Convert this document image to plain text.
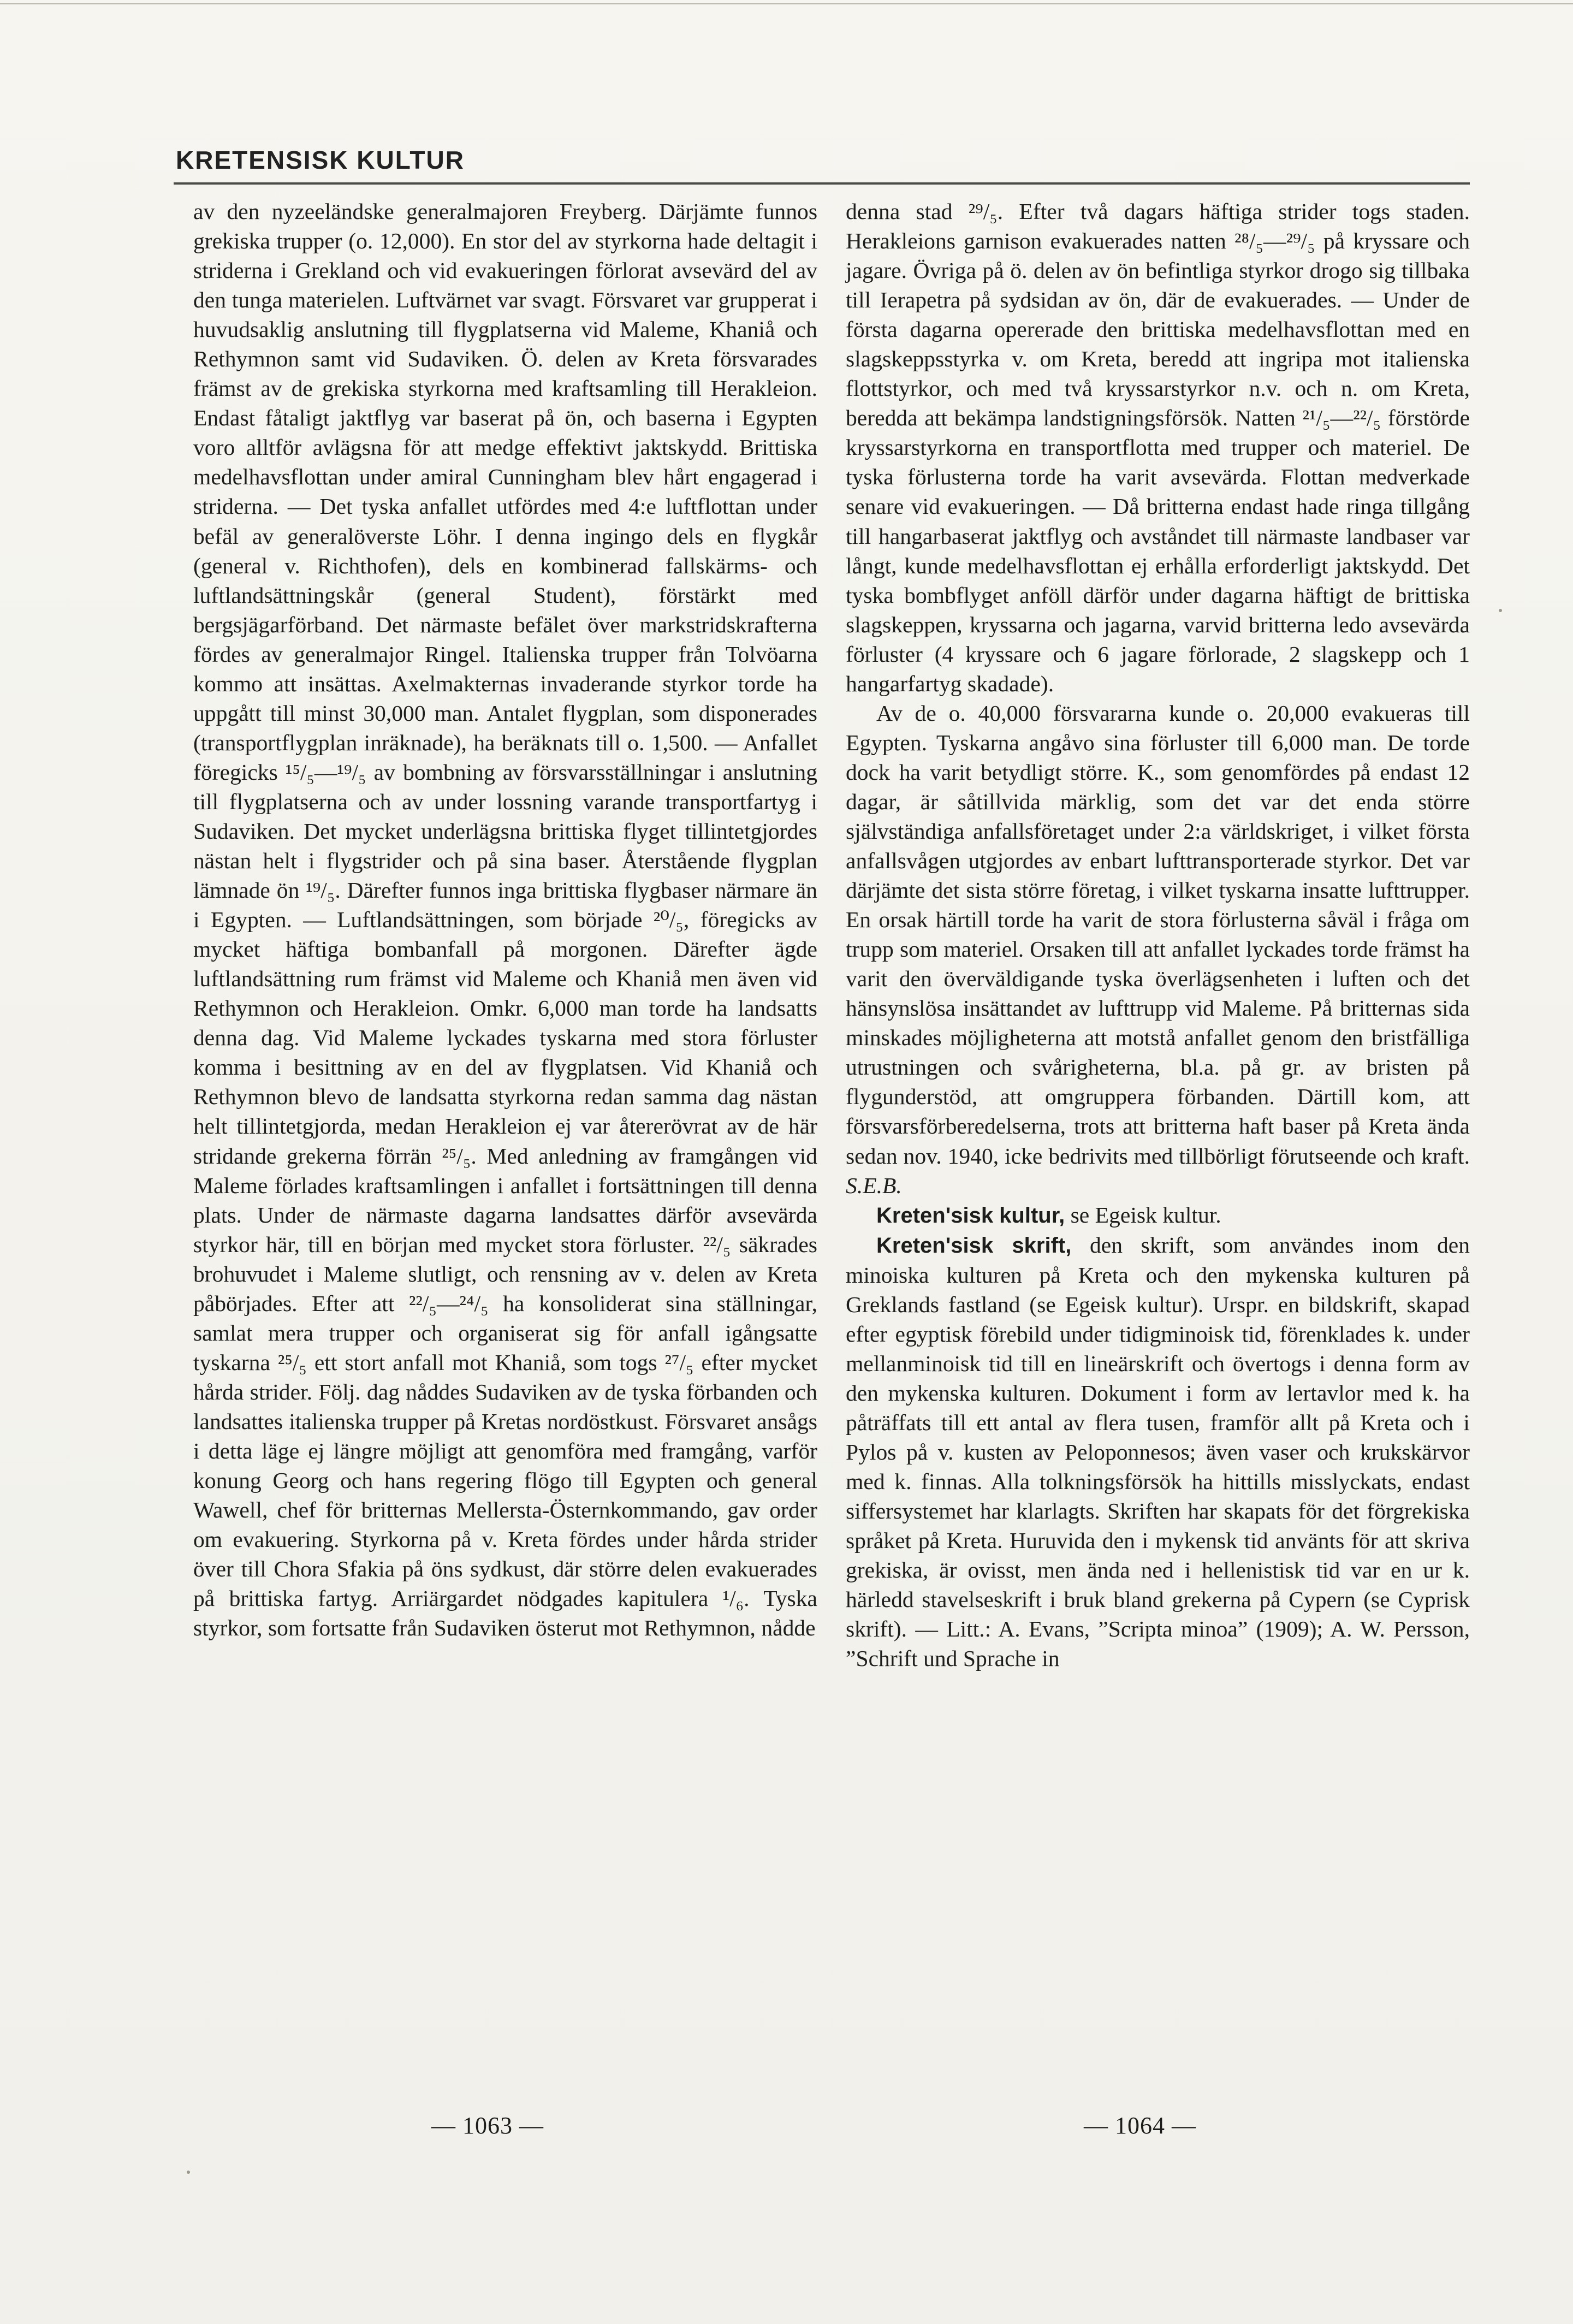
KRETENSISK KULTUR

av den nyzeeländske generalmajoren Freyberg. Därjämte funnos grekiska trupper (o. 12,000). En stor del av styrkorna hade deltagit i striderna i Grekland och vid evakueringen förlorat avsevärd del av den tunga materielen. Luftvärnet var svagt. Försvaret var grupperat i huvudsaklig anslutning till flygplatserna vid Maleme, Khaniå och Rethymnon samt vid Sudaviken. Ö. delen av Kreta försvarades främst av de grekiska styrkorna med kraftsamling till Herakleion. Endast fåtaligt jaktflyg var baserat på ön, och baserna i Egypten voro alltför avlägsna för att medge effektivt jaktskydd. Brittiska medelhavsflottan under amiral Cunningham blev hårt engagerad i striderna. — Det tyska anfallet utfördes med 4:e luftflottan under befäl av generalöverste Löhr. I denna ingingo dels en flygkår (general v. Richthofen), dels en kombinerad fallskärms- och luftlandsättningskår (general Student), förstärkt med bergsjägarförband. Det närmaste befälet över markstridskrafterna fördes av generalmajor Ringel. Italienska trupper från Tolvöarna kommo att insättas. Axelmakternas invaderande styrkor torde ha uppgått till minst 30,000 man. Antalet flygplan, som disponerades (transportflygplan inräknade), ha beräknats till o. 1,500. — Anfallet föregicks ¹⁵/₅—¹⁹/₅ av bombning av försvarsställningar i anslutning till flygplatserna och av under lossning varande transportfartyg i Sudaviken. Det mycket underlägsna brittiska flyget tillintetgjordes nästan helt i flygstrider och på sina baser. Återstående flygplan lämnade ön ¹⁹/₅. Därefter funnos inga brittiska flygbaser närmare än i Egypten. — Luftlandsättningen, som började ²⁰/₅, föregicks av mycket häftiga bombanfall på morgonen. Därefter ägde luftlandsättning rum främst vid Maleme och Khaniå men även vid Rethymnon och Herakleion. Omkr. 6,000 man torde ha landsatts denna dag. Vid Maleme lyckades tyskarna med stora förluster komma i besittning av en del av flygplatsen. Vid Khaniå och Rethymnon blevo de landsatta styrkorna redan samma dag nästan helt tillintetgjorda, medan Herakleion ej var återerövrat av de här stridande grekerna förrän ²⁵/₅. Med anledning av framgången vid Maleme förlades kraftsamlingen i anfallet i fortsättningen till denna plats. Under de närmaste dagarna landsattes därför avsevärda styrkor här, till en början med mycket stora förluster. ²²/₅ säkrades brohuvudet i Maleme slutligt, och rensning av v. delen av Kreta påbörjades. Efter att ²²/₅—²⁴/₅ ha konsoliderat sina ställningar, samlat mera trupper och organiserat sig för anfall igångsatte tyskarna ²⁵/₅ ett stort anfall mot Khaniå, som togs ²⁷/₅ efter mycket hårda strider. Följ. dag nåddes Sudaviken av de tyska förbanden och landsattes italienska trupper på Kretas nordöstkust. Försvaret ansågs i detta läge ej längre möjligt att genomföra med framgång, varför konung Georg och hans regering flögo till Egypten och general Wawell, chef för britternas Mellersta-Östernkommando, gav order om evakuering. Styrkorna på v. Kreta fördes under hårda strider över till Chora Sfakia på öns sydkust, där större delen evakuerades på brittiska fartyg. Arriärgardet nödgades kapitulera ¹/₆. Tyska styrkor, som fortsatte från Sudaviken österut mot Rethymnon, nådde

denna stad ²⁹/₅. Efter två dagars häftiga strider togs staden. Herakleions garnison evakuerades natten ²⁸/₅—²⁹/₅ på kryssare och jagare. Övriga på ö. delen av ön befintliga styrkor drogo sig tillbaka till Ierapetra på sydsidan av ön, där de evakuerades. — Under de första dagarna opererade den brittiska medelhavsflottan med en slagskeppsstyrka v. om Kreta, beredd att ingripa mot italienska flottstyrkor, och med två kryssarstyrkor n.v. och n. om Kreta, beredda att bekämpa landstigningsförsök. Natten ²¹/₅—²²/₅ förstörde kryssarstyrkorna en transportflotta med trupper och materiel. De tyska förlusterna torde ha varit avsevärda. Flottan medverkade senare vid evakueringen. — Då britterna endast hade ringa tillgång till hangarbaserat jaktflyg och avståndet till närmaste landbaser var långt, kunde medelhavsflottan ej erhålla erforderligt jaktskydd. Det tyska bombflyget anföll därför under dagarna häftigt de brittiska slagskeppen, kryssarna och jagarna, varvid britterna ledo avsevärda förluster (4 kryssare och 6 jagare förlorade, 2 slagskepp och 1 hangarfartyg skadade).

Av de o. 40,000 försvararna kunde o. 20,000 evakueras till Egypten. Tyskarna angåvo sina förluster till 6,000 man. De torde dock ha varit betydligt större. K., som genomfördes på endast 12 dagar, är såtillvida märklig, som det var det enda större självständiga anfallsföretaget under 2:a världskriget, i vilket första anfallsvågen utgjordes av enbart lufttransporterade styrkor. Det var därjämte det sista större företag, i vilket tyskarna insatte lufttrupper. En orsak härtill torde ha varit de stora förlusterna såväl i fråga om trupp som materiel. Orsaken till att anfallet lyckades torde främst ha varit den överväldigande tyska överlägsenheten i luften och det hänsynslösa insättandet av lufttrupp vid Maleme. På britternas sida minskades möjligheterna att motstå anfallet genom den bristfälliga utrustningen och svårigheterna, bl.a. på gr. av bristen på flygunderstöd, att omgruppera förbanden. Därtill kom, att försvarsförberedelserna, trots att britterna haft baser på Kreta ända sedan nov. 1940, icke bedrivits med tillbörligt förutseende och kraft. S.E.B.

Kreten'sisk kultur, se Egeisk kultur.

Kreten'sisk skrift, den skrift, som användes inom den minoiska kulturen på Kreta och den mykenska kulturen på Greklands fastland (se Egeisk kultur). Urspr. en bildskrift, skapad efter egyptisk förebild under tidigminoisk tid, förenklades k. under mellanminoisk tid till en lineärskrift och övertogs i denna form av den mykenska kulturen. Dokument i form av lertavlor med k. ha påträffats till ett antal av flera tusen, framför allt på Kreta och i Pylos på v. kusten av Peloponnesos; även vaser och krukskärvor med k. finnas. Alla tolkningsförsök ha hittills misslyckats, endast siffersystemet har klarlagts. Skriften har skapats för det förgrekiska språket på Kreta. Huruvida den i mykensk tid använts för att skriva grekiska, är ovisst, men ända ned i hellenistisk tid var en ur k. härledd stavelseskrift i bruk bland grekerna på Cypern (se Cyprisk skrift). — Litt.: A. Evans, ”Scripta minoa” (1909); A. W. Persson, ”Schrift und Sprache in

— 1063 —	— 1064 —
